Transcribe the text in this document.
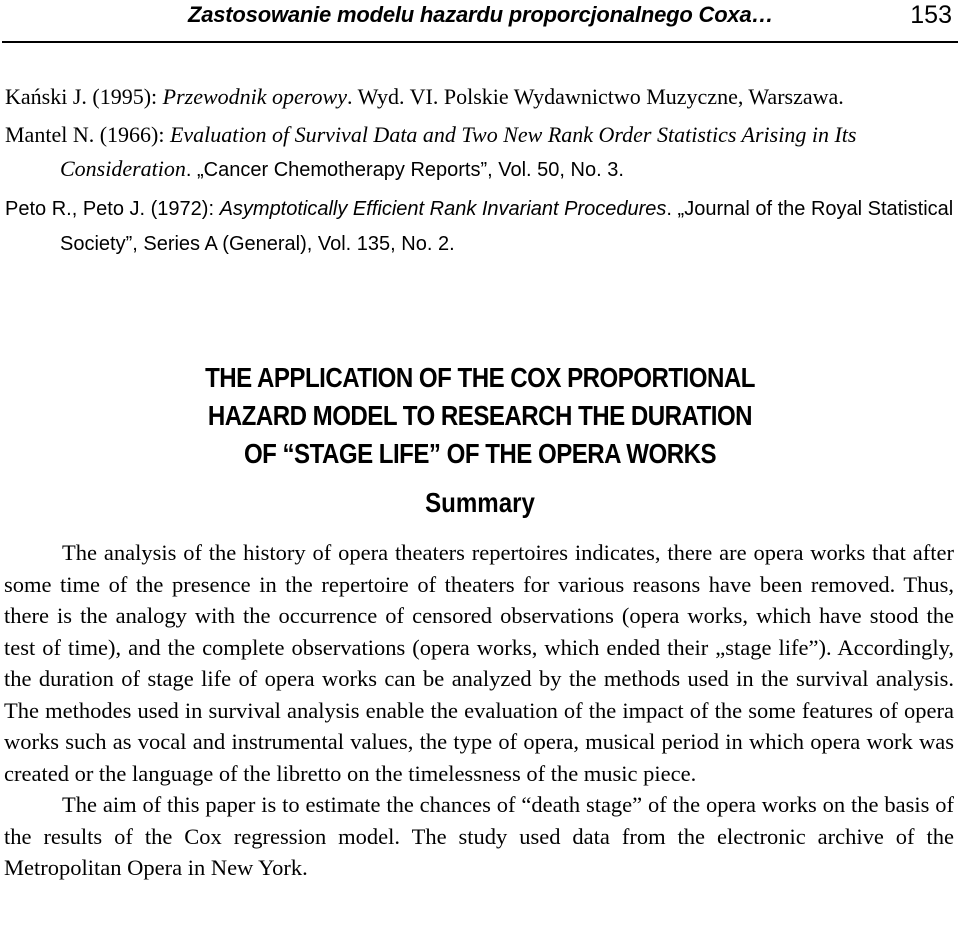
Zastosowanie modelu hazardu proporcjonalnego Coxa…	153

Kański J. (1995): Przewodnik operowy. Wyd. VI. Polskie Wydawnictwo Muzyczne, Warszawa.

Mantel N. (1966): Evaluation of Survival Data and Two New Rank Order Statistics Arising in Its Consideration. „Cancer Chemotherapy Reports”, Vol. 50, No. 3.

Peto R., Peto J. (1972): Asymptotically Efficient Rank Invariant Procedures. „Journal of the Royal Statistical Society”, Series A (General), Vol. 135, No. 2.

THE APPLICATION OF THE COX PROPORTIONAL
HAZARD MODEL TO RESEARCH THE DURATION
OF “STAGE LIFE” OF THE OPERA WORKS
Summary

The analysis of the history of opera theaters repertoires indicates, there are opera works that after some time of the presence in the repertoire of theaters for various reasons have been removed. Thus, there is the analogy with the occurrence of censored observations (opera works, which have stood the test of time), and the complete observations (opera works, which ended their „stage life”). Accordingly, the duration of stage life of opera works can be analyzed by the methods used in the survival analysis. The methodes used in survival analysis enable the evaluation of the impact of the some features of opera works such as vocal and instrumental values, the type of opera, musical period in which opera work was created or the language of the libretto on the timelessness of the music piece.

The aim of this paper is to estimate the chances of “death stage” of the opera works on the basis of the results of the Cox regression model. The study used data from the electronic archive of the Metropolitan Opera in New York.
